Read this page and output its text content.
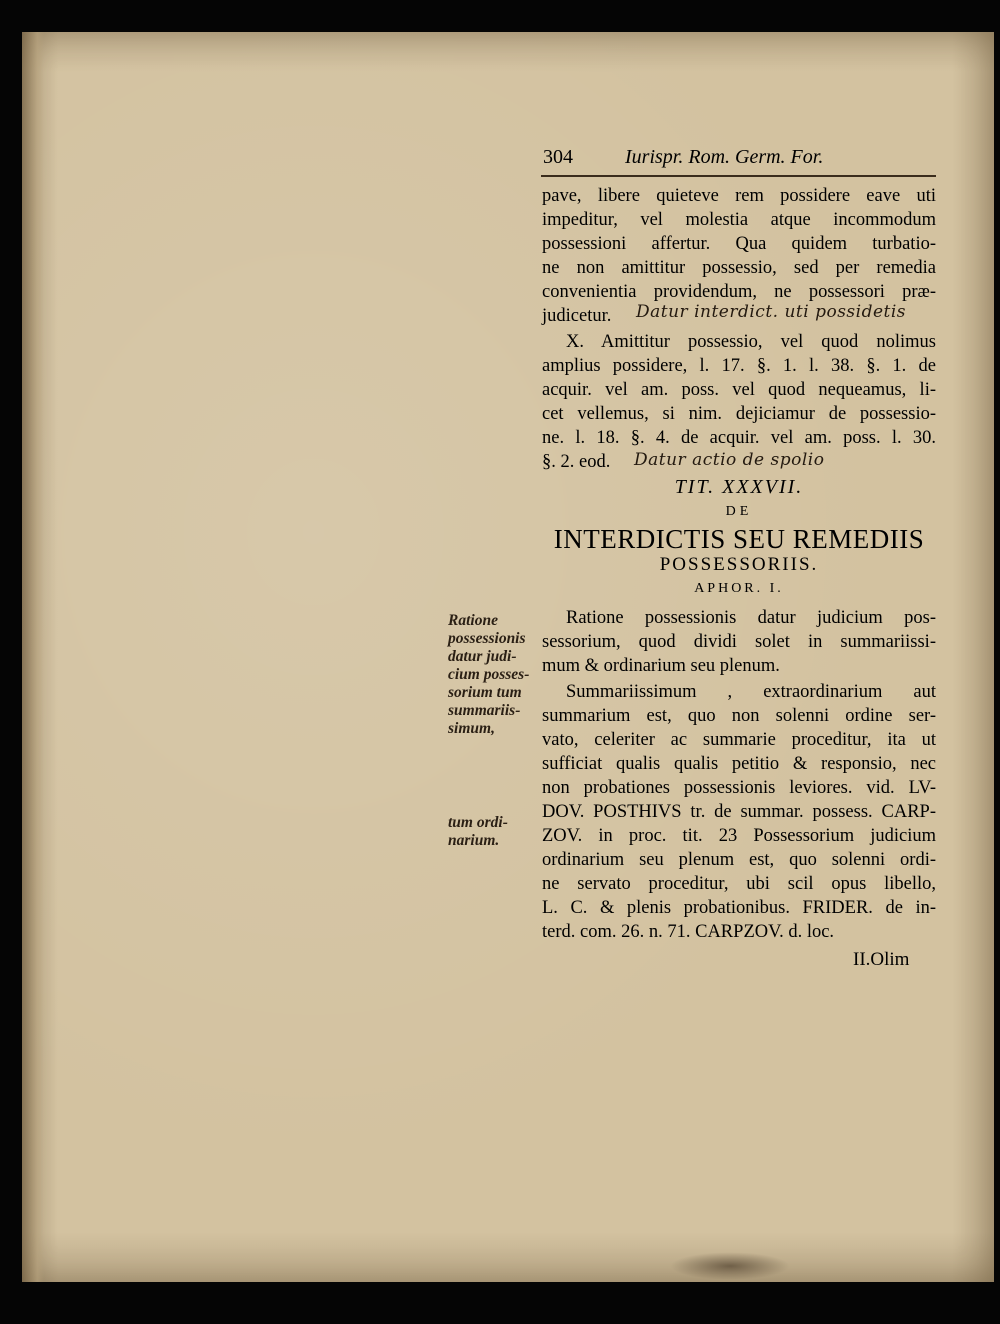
304	Iurispr. Rom. Germ. For.
pave, libere quieteve rem possidere eave uti
impeditur, vel molestia atque incommodum
possessioni affertur. Qua quidem turbatio-
ne non amittitur possessio, sed per remedia
convenientia providendum, ne possessori præ-
judicetur.	Datur interdict. uti possidetis
X. Amittitur possessio, vel quod nolimus
amplius possidere, l. 17. §. 1. l. 38. §. 1. de
acquir. vel am. poss. vel quod nequeamus, li-
cet vellemus, si nim. dejiciamur de possessio-
ne. l. 18. §. 4. de acquir. vel am. poss. l. 30.
§. 2. eod.	Datur actio de spolio
TIT. XXXVII.
DE
INTERDICTIS SEU REMEDIIS
POSSESSORIIS.
APHOR. I.
Ratione possessionis datur judicium pos-
sessorium, quod dividi solet in summariissi-
mum & ordinarium seu plenum.
Summariissimum , extraordinarium aut
summarium est, quo non solenni ordine ser-
vato, celeriter ac summarie proceditur, ita ut
sufficiat qualis qualis petitio & responsio, nec
non probationes possessionis leviores. vid. LV-
DOV. POSTHIVS tr. de summar. possess. CARP-
ZOV. in proc. tit. 23 Possessorium judicium
ordinarium seu plenum est, quo solenni ordi-
ne servato proceditur, ubi scil opus libello,
L. C. & plenis probationibus. FRIDER. de in-
terd. com. 26. n. 71. CARPZOV. d. loc.
Ratione
possessionis
datur judi-
cium posses-
sorium tum
summariis-
simum,
tum ordi-
narium.
II.Olim
